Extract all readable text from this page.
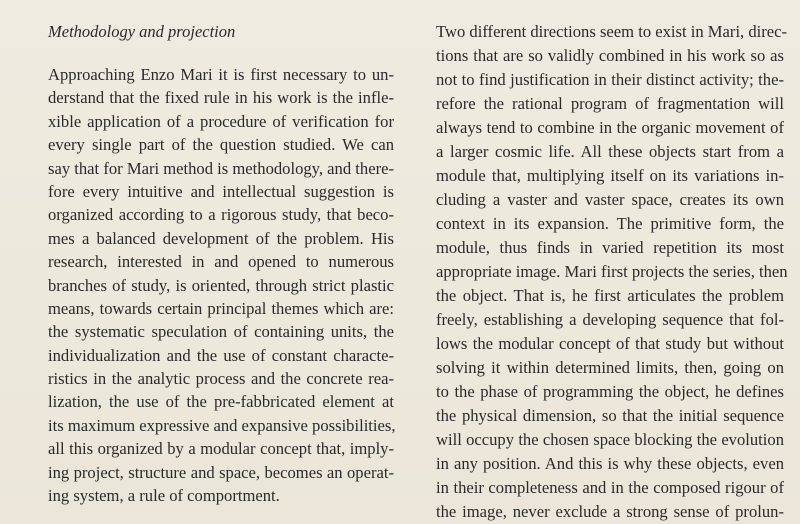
Methodology and projection
Approaching Enzo Mari it is first necessary to un-
derstand that the fixed rule in his work is the infle-
xible application of a procedure of verification for
every single part of the question studied. We can
say that for Mari method is methodology, and there-
fore every intuitive and intellectual suggestion is
organized according to a rigorous study, that beco-
mes a balanced development of the problem. His
research, interested in and opened to numerous
branches of study, is oriented, through strict plastic
means, towards certain principal themes which are:
the systematic speculation of containing units, the
individualization and the use of constant characte-
ristics in the analytic process and the concrete rea-
lization, the use of the pre-fabbricated element at
its maximum expressive and expansive possibilities,
all this organized by a modular concept that, imply-
ing project, structure and space, becomes an operat-
ing system, a rule of comportment.
Two different directions seem to exist in Mari, direc-
tions that are so validly combined in his work so as
not to find justification in their distinct activity; the-
refore the rational program of fragmentation will
always tend to combine in the organic movement of
a larger cosmic life. All these objects start from a
module that, multiplying itself on its variations in-
cluding a vaster and vaster space, creates its own
context in its expansion. The primitive form, the
module, thus finds in varied repetition its most
appropriate image. Mari first projects the series, then
the object. That is, he first articulates the problem
freely, establishing a developing sequence that fol-
lows the modular concept of that study but without
solving it within determined limits, then, going on
to the phase of programming the object, he defines
the physical dimension, so that the initial sequence
will occupy the chosen space blocking the evolution
in any position. And this is why these objects, even
in their completeness and in the composed rigour of
the image, never exclude a strong sense of prolun-
